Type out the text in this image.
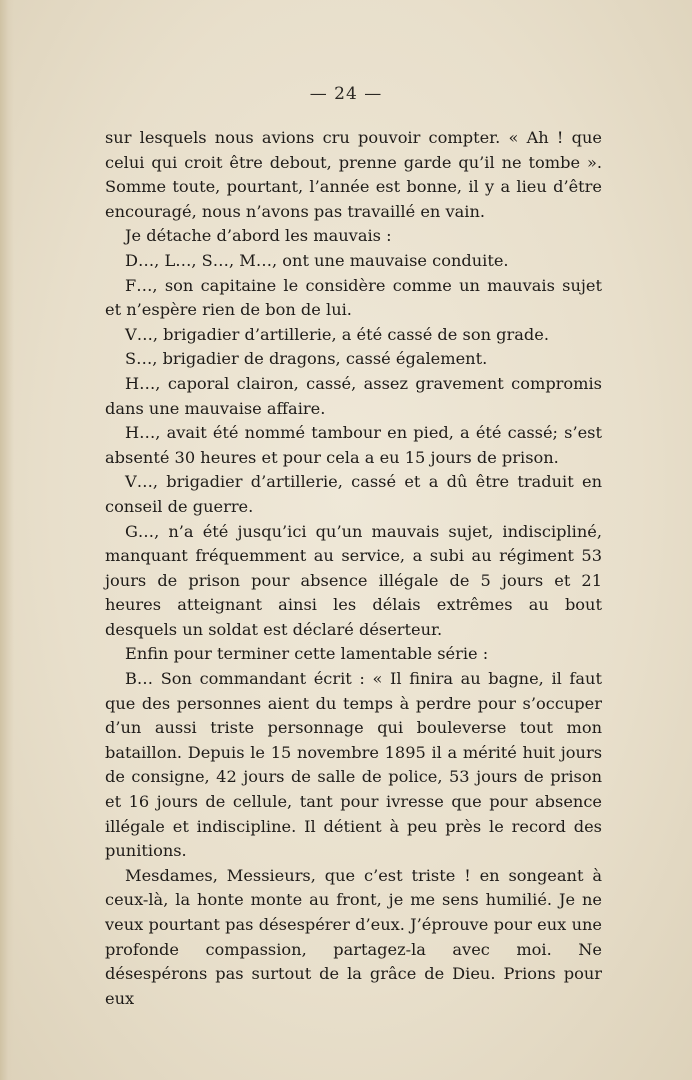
— 24 —

sur lesquels nous avions cru pouvoir compter. « Ah ! que celui qui croit être debout, prenne garde qu’il ne tombe ». Somme toute, pourtant, l’année est bonne, il y a lieu d’être encouragé, nous n’avons pas travaillé en vain.

Je détache d’abord les mauvais :

D…, L…, S…, M…, ont une mauvaise conduite.

F…, son capitaine le considère comme un mauvais sujet et n’espère rien de bon de lui.

V…, brigadier d’artillerie, a été cassé de son grade.

S…, brigadier de dragons, cassé également.

H…, caporal clairon, cassé, assez gravement compromis dans une mauvaise affaire.

H…, avait été nommé tambour en pied, a été cassé; s’est absenté 30 heures et pour cela a eu 15 jours de prison.

V…, brigadier d’artillerie, cassé et a dû être traduit en conseil de guerre.

G…, n’a été jusqu’ici qu’un mauvais sujet, indiscipliné, manquant fréquemment au service, a subi au régiment 53 jours de prison pour absence illégale de 5 jours et 21 heures atteignant ainsi les délais extrêmes au bout desquels un soldat est déclaré déserteur.

Enfin pour terminer cette lamentable série :

B… Son commandant écrit : « Il finira au bagne, il faut que des personnes aient du temps à perdre pour s’occuper d’un aussi triste personnage qui bouleverse tout mon bataillon. Depuis le 15 novembre 1895 il a mérité huit jours de consigne, 42 jours de salle de police, 53 jours de prison et 16 jours de cellule, tant pour ivresse que pour absence illégale et indiscipline. Il détient à peu près le record des punitions.

Mesdames, Messieurs, que c’est triste ! en songeant à ceux-là, la honte monte au front, je me sens humilié. Je ne veux pourtant pas désespérer d’eux. J’éprouve pour eux une profonde compassion, partagez-la avec moi. Ne désespérons pas surtout de la grâce de Dieu. Prions pour eux
